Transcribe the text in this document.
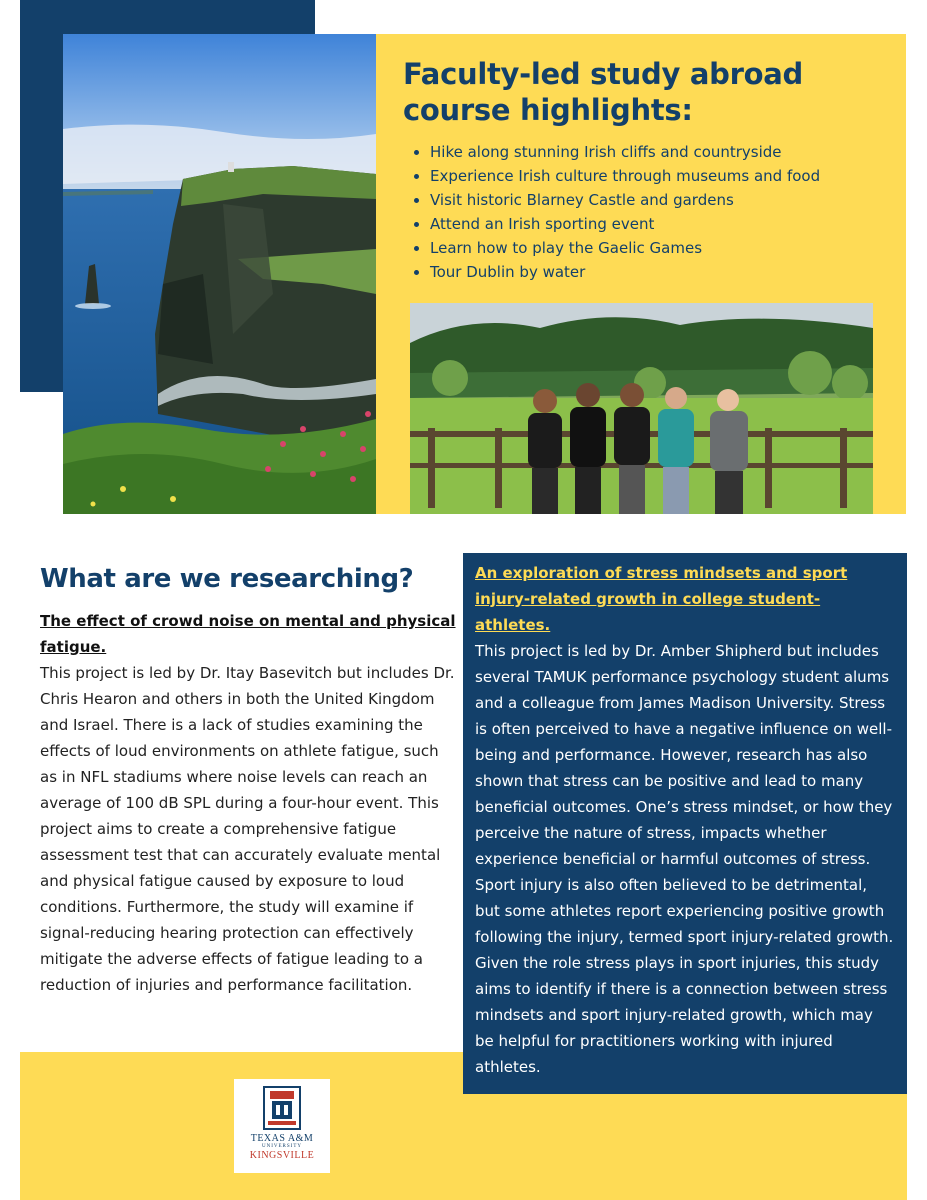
Faculty-led study abroad course highlights:
• Hike along stunning Irish cliffs and countryside
• Experience Irish culture through museums and food
• Visit historic Blarney Castle and gardens
• Attend an Irish sporting event
• Learn how to play the Gaelic Games
• Tour Dublin by water
What are we researching?

The effect of crowd noise on mental and physical fatigue.

This project is led by Dr. Itay Basevitch but includes Dr. Chris Hearon and others in both the United Kingdom and Israel. There is a lack of studies examining the effects of loud environments on athlete fatigue, such as in NFL stadiums where noise levels can reach an average of 100 dB SPL during a four-hour event. This project aims to create a comprehensive fatigue assessment test that can accurately evaluate mental and physical fatigue caused by exposure to loud conditions. Furthermore, the study will examine if signal-reducing hearing protection can effectively mitigate the adverse effects of fatigue leading to a reduction of injuries and performance facilitation.

An exploration of stress mindsets and sport injury-related growth in college student-athletes.

This project is led by Dr. Amber Shipherd but includes several TAMUK performance psychology student alums and a colleague from James Madison University. Stress is often perceived to have a negative influence on well-being and performance. However, research has also shown that stress can be positive and lead to many beneficial outcomes. One’s stress mindset, or how they perceive the nature of stress, impacts whether experience beneficial or harmful outcomes of stress. Sport injury is also often believed to be detrimental, but some athletes report experiencing positive growth following the injury, termed sport injury-related growth. Given the role stress plays in sport injuries, this study aims to identify if there is a connection between stress mindsets and sport injury-related growth, which may be helpful for practitioners working with injured athletes.

TEXAS A&M
UNIVERSITY
KINGSVILLE
